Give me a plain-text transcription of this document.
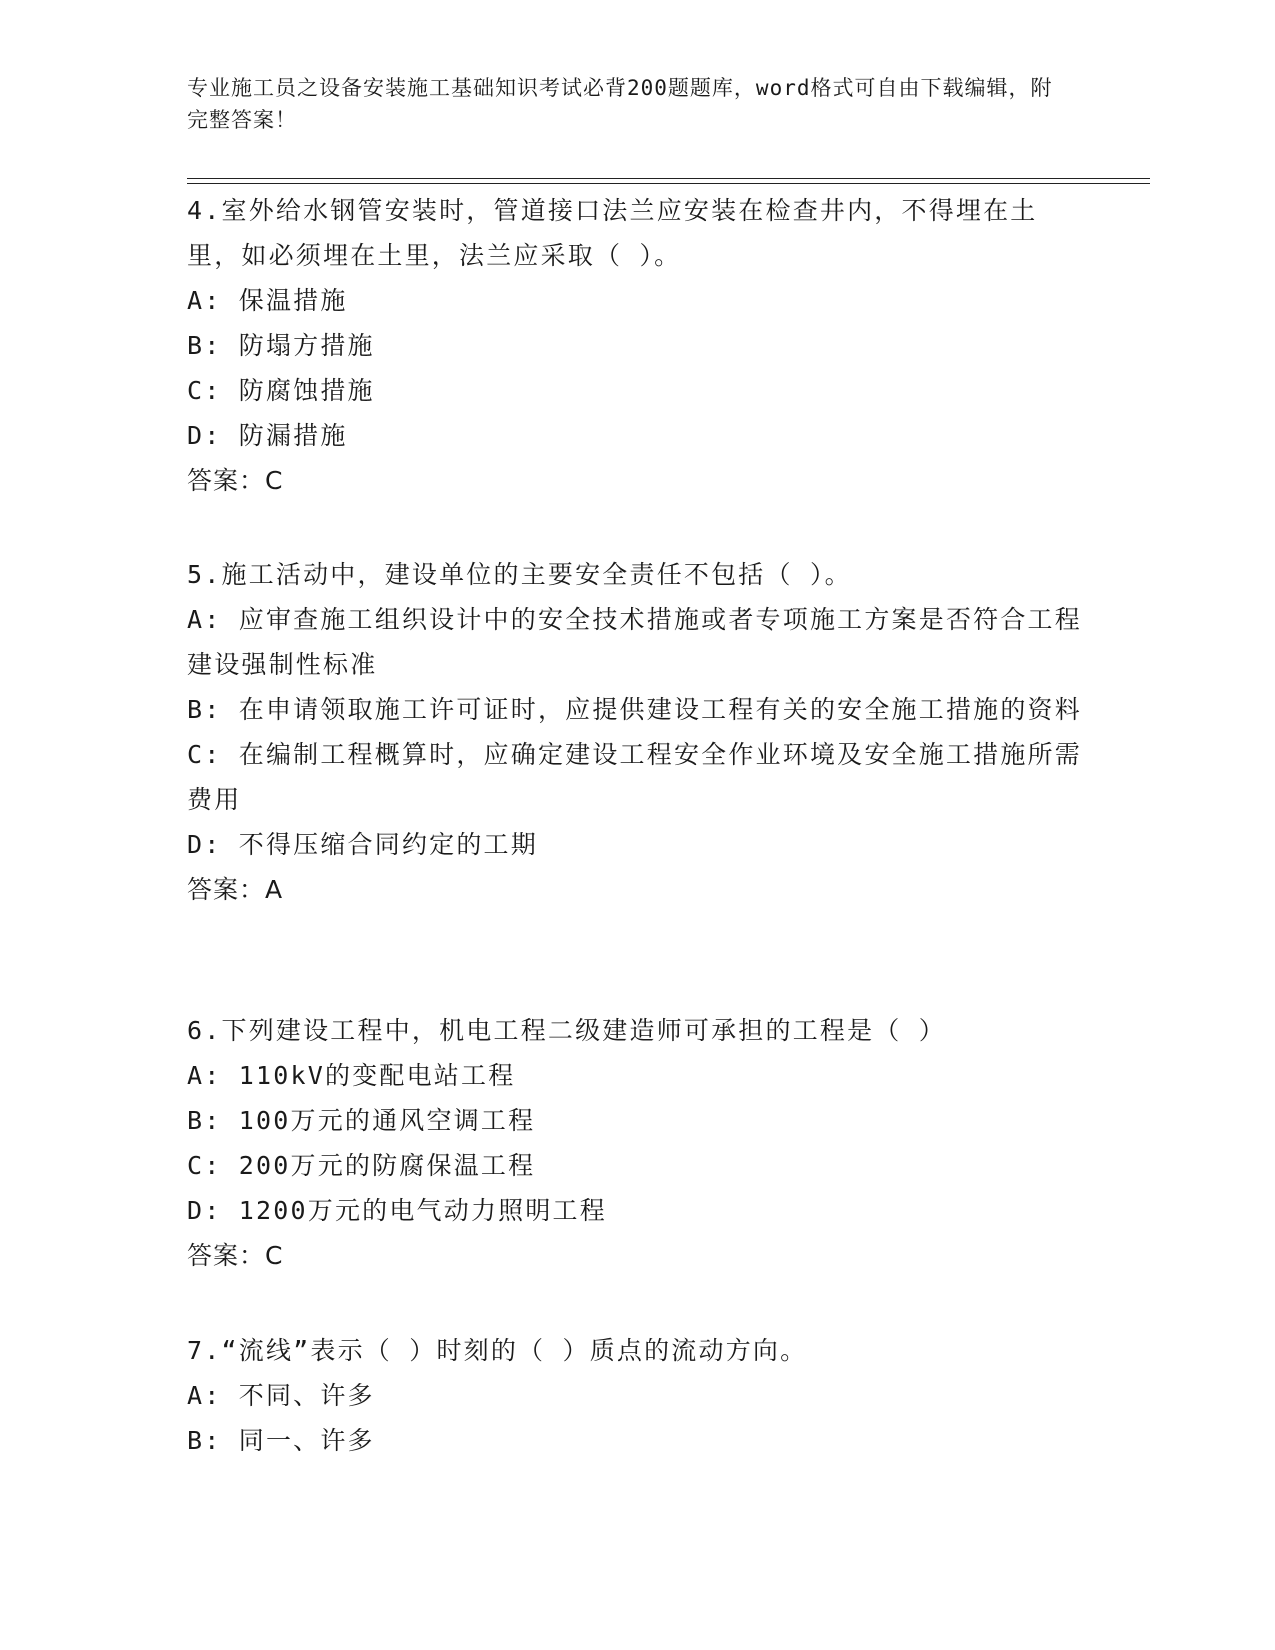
专业施工员之设备安装施工基础知识考试必背200题题库，word格式可自由下载编辑，附完整答案！
4.室外给水钢管安装时，管道接口法兰应安装在检查井内，不得埋在土里，如必须埋在土里，法兰应采取（ ）。
A: 保温措施
B: 防塌方措施
C: 防腐蚀措施
D: 防漏措施
答案：C
5.施工活动中，建设单位的主要安全责任不包括（ ）。
A: 应审查施工组织设计中的安全技术措施或者专项施工方案是否符合工程建设强制性标准
B: 在申请领取施工许可证时，应提供建设工程有关的安全施工措施的资料
C: 在编制工程概算时，应确定建设工程安全作业环境及安全施工措施所需费用
D: 不得压缩合同约定的工期
答案：A
6.下列建设工程中，机电工程二级建造师可承担的工程是（ ）
A: 110kV的变配电站工程
B: 100万元的通风空调工程
C: 200万元的防腐保温工程
D: 1200万元的电气动力照明工程
答案：C
7.“流线”表示（ ）时刻的（ ）质点的流动方向。
A: 不同、许多
B: 同一、许多
